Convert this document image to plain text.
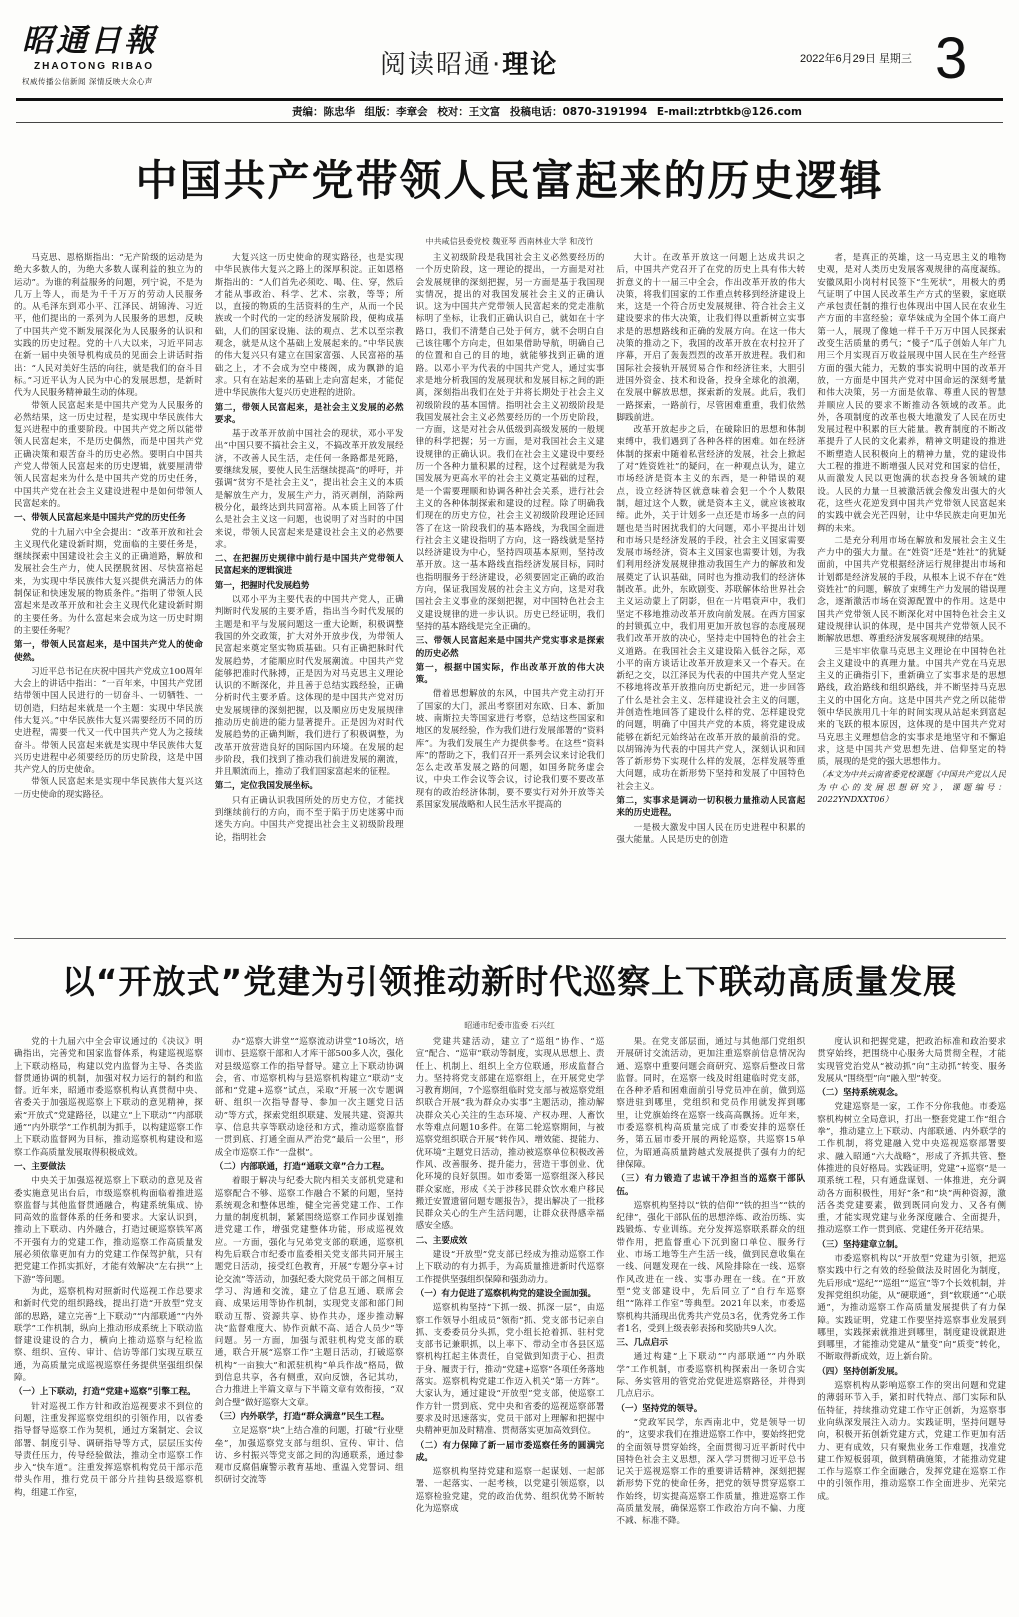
昭通日報
ZHAOTONG RIBAO
权威传播公信新闻 深情反映大众心声
阅读昭通·理论	2022年6月29日 星期三 3
责编：陈忠华 组版：李章会 校对：王文富 投稿电话：0870-3191994 E-mail:ztrbtkb@126.com
中国共产党带领人民富起来的历史逻辑
中共咸信县委党校 魏亚琴 西南林业大学 和茂竹

马克思、恩格斯指出：“无产阶级的运动是为绝大多数人的，为绝大多数人谋利益的独立为的运动”。为谁的利益服务的问题，列宁说，不是为几万上等人，而是为千千万万的劳动人民服务的。从毛泽东到邓小平、江泽民、胡锦涛、习近平，他们提出的一系列为人民服务的思想，反映了中国共产党不断发展深化为人民服务的认识和实践的历史过程。党的十八大以来，习近平同志在新一届中央领导机构成员的见面会上讲话时指出：“人民对美好生活的向往，就是我们的奋斗目标。”习近平认为人民为中心的发展思想，是新时代为人民服务精神最生动的体现。

带领人民富起来是中国共产党为人民服务的必然结果，这一历史过程，是实现中华民族伟大复兴进程中的重要阶段。中国共产党之所以能带领人民富起来，不是历史偶然，而是中国共产党正确决策和艰苦奋斗的历史必然。要明白中国共产党人带领人民富起来的历史逻辑，就要厘清带领人民富起来为什么是中国共产党的历史任务，中国共产党在社会主义建设进程中是如何带领人民富起来的。

一、带领人民富起来是中国共产党的历史任务

党的十九届六中全会提出：“改革开放和社会主义现代化建设新时期，党面临的主要任务是，继续探索中国建设社会主义的正确道路，解放和发展社会生产力，使人民摆脱贫困、尽快富裕起来，为实现中华民族伟大复兴提供充满活力的体制保证和快速发展的物质条件。”指明了带领人民富起来是改革开放和社会主义现代化建设新时期的主要任务。为什么富起来会成为这一历史时期的主要任务呢？

第一，带领人民富起来，是中国共产党人的使命使然。

习近平总书记在庆祝中国共产党成立100周年大会上的讲话中指出：“一百年来，中国共产党团结带领中国人民进行的一切奋斗、一切牺牲、一切创造，归结起来就是一个主题：实现中华民族伟大复兴。”中华民族伟大复兴需要经历不同的历史进程，需要一代又一代中国共产党人为之接续奋斗。带领人民富起来就是实现中华民族伟大复兴历史进程中必须要经历的历史阶段，这是中国共产党人的历史使命。

带领人民富起来是实现中华民族伟大复兴这一历史使命的现实路径。

大复兴这一历史使命的现实路径，也是实现中华民族伟大复兴之路上的深厚积淀。正如恩格斯指出的：“人们首先必须吃、喝、住、穿，然后才能从事政治、科学、艺术、宗教，等等；所以，直接的物质的生活资料的生产，从而一个民族或一个时代的一定的经济发展阶段，便构成基础，人们的国家设施、法的观点、艺术以至宗教观念，就是从这个基础上发展起来的。”中华民族的伟大复兴只有建立在国家富强、人民富裕的基础之上，才不会成为空中楼阁，成为飘渺的追求。只有在站起来的基础上走向富起来，才能促进中华民族伟大复兴历史进程的进阶。

第二，带领人民富起来，是社会主义发展的必然要求。

基于改革开放前中国社会的现状，邓小平发出“中国只要不搞社会主义，不搞改革开放发展经济，不改善人民生活，走任何一条路都是死路，要继续发展，要使人民生活继续提高”的呼吁，并强调“贫穷不是社会主义”，提出社会主义的本质是解放生产力，发展生产力，消灭剥削，消除两极分化，最终达到共同富裕。从本质上回答了什么是社会主义这一问题，也说明了对当时的中国来说，带领人民富起来是建设社会主义的必然要求。

二、在把握历史规律中前行是中国共产党带领人民富起来的逻辑演进

第一，把握时代发展趋势

以邓小平为主要代表的中国共产党人，正确判断时代发展的主要矛盾，指出当今时代发展的主题是和平与发展问题这一重大论断，积极调整我国的外交政策，扩大对外开放步伐，为带领人民富起来奠定坚实物质基础。只有正确把脉时代发展趋势，才能顺应时代发展潮流。中国共产党能够把准时代脉搏，正是因为对马克思主义理论认识的不断深化，并且善于总结实践经验，正确分析时代主要矛盾。这体现的是中国共产党对历史发展规律的深刻把握，以及顺应历史发展规律推动历史前进的能力显著提升。正是因为对时代发展趋势的正确判断，我们进行了积极调整，为改革开放营造良好的国际国内环境。在发展的起步阶段，我们找到了推动我们前进发展的潮流，并且顺流而上，推动了我们国家富起来的征程。

第二，定位我国发展坐标。

只有正确认识我国所处的历史方位，才能找到继续前行的方向，而不至于陷于历史迷雾中而迷失方向。中国共产党提出社会主义初级阶段理论，指明社会

主义初级阶段是我国社会主义必然要经历的一个历史阶段，这一理论的提出，一方面是对社会发展规律的深刻把握，另一方面是基于我国现实情况，提出的对我国发展社会主义的正确认识。这为中国共产党带领人民富起来的党走准航标明了坐标，让我们正确认识自己，就如在十字路口，我们不清楚自己处于何方，就不会明白自己该往哪个方向走，但如果借助导航，明确自己的位置和自己的目的地，就能够找到正确的道路。以邓小平为代表的中国共产党人，通过实事求是地分析我国的发展现状和发展目标之间的距离，深刻指出我们在处于并将长期处于社会主义初级阶段的基本国情。指明社会主义初级阶段是我国发展社会主义必然要经历的一个历史阶段，一方面，这是对社会从低级到高级发展的一般规律的科学把握；另一方面，是对我国社会主义建设规律的正确认识。我们在社会主义建设中要经历一个各种力量积累的过程，这个过程就是为我国发展为更高水平的社会主义奠定基础的过程，是一个需要理顺和协调各种社会关系，进行社会主义的各种体制探索和建设的过程。除了明确我们现在的历史方位，社会主义初级阶段理论还回答了在这一阶段我们的基本路线，为我国全面进行社会主义建设指明了方向，这一路线就是坚持以经济建设为中心，坚持四项基本原则，坚持改革开放。这一基本路线直指经济发展目标，同时也指明服务于经济建设，必须要固定正确的政治方向，保证我国发展的社会主义方向，这是对我国社会主义事业的深刻把握，对中国特色社会主义建设规律的进一步认识。历史已经证明，我们坚持的基本路线是完全正确的。

三、带领人民富起来是中国共产党实事求是探索的历史必然

第一，根据中国实际，作出改革开放的伟大决策。

借着思想解放的东风，中国共产党主动打开了国家的大门，派出考察团对东欧、日本、新加坡、南斯拉夫等国家进行考察，总结这些国家和地区的发展经验，作为我们进行发展部署的“资料库”。为我们发展生产力提供参考。在这些“资料库”的帮助之下，我们召开一系列会议来讨论我们怎么走改革发展之路的问题，如国务院务虚会议，中央工作会议等会议，讨论我们要不要改革现有的政治经济体制，要不要实行对外开放等关系国家发展战略和人民生活水平提高的

大计。在改革开放这一问题上达成共识之后，中国共产党召开了在党的历史上具有伟大转折意义的十一届三中全会，作出改革开放的伟大决策，将我们国家的工作重点转移到经济建设上来，这是一个符合历史发展规律、符合社会主义建设要求的伟大决策，让我们得以重新树立实事求是的思想路线和正确的发展方向。在这一伟大决策的推动之下，我国的改革开放在农村拉开了序幕，开启了轰轰烈烈的改革开放进程。我们和国际社会接轨开展贸易合作和经济往来，大胆引进国外资金、技术和设备，投身全球化的浪潮，在发展中解放思想，探索新的发展。此后，我们一路探索，一路前行，尽管困难重重，我们依然脚践前进。

改革开放起步之后，在破除旧的思想和体制束缚中，我们遇到了各种各样的困难。如在经济体制的探索中随着私营经济的发展，社会上掀起了对“姓资姓社”的疑问，在一种观点认为，建立市场经济是资本主义的东西，是一种错误的观点，设立经济特区就意味着会犯一个个人数限制，超过这个人数，就是资本主义，就应该被取缔。此外，关于计划多一点还是市场多一点的问题也是当时困扰我们的大问题，邓小平提出计划和市场只是经济发展的手段，社会主义国家需要发展市场经济，资本主义国家也需要计划，为我们利用经济发展规律推动我国生产力的解放和发展奠定了认识基础，同时也为推动我们的经济体制改革。此外，东欧剧变、苏联解体给世界社会主义运动蒙上了阴影，但在一片唱衰声中，我们坚定不移地推动改革开放向前发展。在西方国家的封锁孤立中，我们用更加开放包容的态度展现我们改革开放的决心，坚持走中国特色的社会主义道路。在我国社会主义建设陷入低谷之际，邓小平的南方谈话让改革开放迎来又一个春天。在新纪之交，以江泽民为代表的中国共产党人坚定不移地将改革开放推向历史新纪元，进一步回答了什么是社会主义、怎样建设社会主义的问题，并创造性地回答了建设什么样的党、怎样建设党的问题，明确了中国共产党的本质，将党建设成能够在新纪元始终站在改革开放的最前沿的党。以胡锦涛为代表的中国共产党人，深刻认识和回答了新形势下实现什么样的发展，怎样发展等重大问题，成功在新形势下坚持和发展了中国特色社会主义。

第二，实事求是调动一切积极力量推动人民富起来的历史进程。

一是极大激发中国人民在历史进程中积累的强大能量。人民是历史的创造

者，是真正的英雄，这一马克思主义的唯物史观，是对人类历史发展客观规律的高度凝练。安徽凤阳小岗村村民签下“生死状”，用极大的勇气证明了中国人民改革生产方式的坚毅，家庭联产承包责任制的推行也体现出中国人民在农业生产方面的丰富经验；章华妹成为全国个体工商户第一人，展现了像她一样千千万万中国人民探索改变生活质量的勇气；“傻子”瓜子创始人年广九用三个月实现百万收益展现中国人民在生产经营方面的强大能力，无数的事实说明中国的改革开放，一方面是中国共产党对中国命运的深刻考量和伟大决策，另一方面是依靠、尊重人民的智慧并顺应人民的要求不断推动各领域的改革。此外，各项制度的改革也极大地激发了人民在历史发展过程中积累的巨大能量。教育制度的不断改革提升了人民的文化素养，精神文明建设的推进不断塑造人民积极向上的精神力量，党的建设伟大工程的推进不断增强人民对党和国家的信任，从而激发人民以更饱满的状态投身各领域的建设。人民的力量一旦被激活就会像发出强大的火花，这些火花逆发到中国共产党带领人民富起来的实践中就会光芒四射，让中华民族走向更加光辉的未来。

二是充分利用市场在解放和发展社会主义生产力中的强大力量。在“姓资”还是“姓社”的犹疑面前，中国共产党根据经济运行规律提出市场和计划都是经济发展的手段，从根本上说不存在“姓资姓社”的问题，解放了束缚生产力发展的错误理念，逐渐激活市场在资源配置中的作用。这是中国共产党带领人民不断深化对中国特色社会主义建设规律认识的体现，是中国共产党带领人民不断解放思想、尊重经济发展客观规律的结果。

三是牢牢依靠马克思主义理论在中国特色社会主义建设中的真理力量。中国共产党在马克思主义的正确指引下，重新确立了实事求是的思想路线，政治路线和组织路线，并不断坚持马克思主义的中国化方向。这是中国共产党之所以能带领中华民族用几十年的时间实现从站起来到富起来的飞跃的根本原因，这体现的是中国共产党对马克思主义理想信念的实事求是地坚守和不懈追求，这是中国共产党思想先进、信仰坚定的特质，展现的是党的强大思想伟力。

（本文为中共云南省委党校课题《中国共产党以人民为中心的发展思想研究》，课题编号：2022YNDXXT06）

以“开放式”党建为引领推动新时代巡察上下联动高质量发展
昭通市纪委市监委 石兴红

党的十九届六中全会审议通过的《决议》明确指出，完善党和国家监督体系，构建巡视巡察上下联动格局，构建以党内监督为主导、各类监督贯通协调的机制，加强对权力运行的制约和监督。近年来，昭通市委巡察机构认真贯彻中央、省委关于加强巡视巡察上下联动的意见精神，探索“开放式”党建路径，以建立“上下联动”“内部联通”“内外联学”工作机制为抓手，以构建巡察工作上下联动监督网为目标，推动巡察机构建设和巡察工作高质量发展取得积极成效。

一、主要做法

中央关于加强巡视巡察上下联动的意见及省委实施意见出台后，市级巡察机构面临着推进巡察监督与其他监督贯通融合，构建系统集成、协同高效的监督体系的任务和要求。大家认识到，推动上下联动、内外融合，打造过硬巡察铁军离不开强有力的党建工作，推动巡察工作高质量发展必须依靠更加有力的党建工作保驾护航，只有把党建工作抓实抓好，才能有效解决“左右拱”“上下游”等问题。

为此，巡察机构对照新时代巡视工作总要求和新时代党的组织路线，提出打造“开放型”党支部的思路，建立完善“上下联动”“内部联通”“内外联学”工作机制，纵向上推动形成系统上下联动监督建设建设的合力，横向上推动巡察与纪检监察、组织、宣传、审计、信访等部门实现互联互通，为高质量完成巡视巡察任务提供坚强组织保障。

（一）上下联动，打造“党建+巡察”引擎工程。

针对巡视工作方针和政治巡视要求不到位的问题，注重发挥巡察党组织的引领作用，以省委指导督导巡察工作为契机，通过方案制定、会议部署、制度引导、调研指导等方式，层层压实传导责任压力，传导经验做法，推动全市巡察工作步入“快车道”。注重发挥巡察机构党员干部示范带头作用，推行党员干部分片挂钩县级巡察机构，组建工作室，

办“巡察大讲堂”“巡察流动讲堂”10场次，培训市、县巡察干部和人才库干部500多人次，强化对县级巡察工作的指导督导。建立上下联动协调会，省、市巡察机构与县巡察机构建立“联动”支部和“党建+巡察”试点，采取“开展一次专题调研、组织一次指导督导、参加一次主题党日活动”等方式，探索党组织联建、发展共建、资源共享、信息共享等联动途径和方式，推动巡察监督一贯到底、打通全面从严治党“最后一公里”，形成全市巡察工作“一盘棋”。

（二）内部联通，打造“通联文章”合力工程。

着眼于解决与纪委大院内相关支部机党建和巡察配合不够、巡察工作融合不紧的问题，坚持系统观念和整体思维，健全完善党建工作、工作力量的制度机制，紧紧围绕巡察工作同步谋划推进党建工作，增强党建整体功能，形成巡视效应。一方面，强化与兄弟党支部的联通，巡察机构先后联合市纪委市监委相关党支部共同开展主题党日活动，接受红色教育，开展“专题分享+讨论交流”等活动，加强纪委大院党员干部之间相互学习、沟通和交流，建立了信息互通、联席会商、成果运用等协作机制，实现党支部和部门间联动互帮、资源共享、协作共办，逐步推动解决“监督难度大、协作贡献不高、适合人员少”等问题。另一方面，加强与派驻机构党支部的联通，联合开展“巡察工作”主题日活动，打破巡察机构“一亩独大”和派驻机构“单兵作战”格局，做到信息共享，各有侧重，双向反馈，各记其功，合力推进上半篇文章与下半篇文章有效衔接，“双剑合璧”做好巡察大文章。

（三）内外联学，打造“群众满意”民生工程。

立足巡察“块”上结合准的问题，打破“行业壁垒”，加强巡察党支部与组织、宣传、审计、信访、乡村振兴等党支部之间的沟通联系，通过参观市反腐倡廉警示教育基地、重温入党誓词、组织研讨交流等

党建共建活动，建立了“巡组”协作、“巡宣”配合、“巡审”联动等制度，实现从思想上、责任上、机制上、组织上全方位联通，形成监督合力。坚持将党支部建在巡察组上，在开展党史学习教育期间，7个巡察组临时党支部与被巡察党组织联合开展“我为群众办实事”主题活动，推动解决群众关心关注的生态环境、产权办理、人畜饮水等难点问题10多件。在第二轮巡察期间，与被巡察党组织联合开展“转作风、增效能、提能力、优环境”主题党日活动，推动被巡察单位积极改善作风、改善服务、提升能力，营造干事创业、优化环境的良好氛围。如市委第一巡察组深入移民群众家庭，形成《关于涉移民群众饮水难户移民搬迁安置遗留问题专题报告》，提出解决了一批移民群众关心的生产生活问题，让群众获得感幸福感安全感。

二、主要成效

建设“开放型”党支部已经成为推动巡察工作上下联动的有力抓手，为高质量推进新时代巡察工作提供坚强组织保障和强劲动力。

（一）有力促进了巡察机构党的建设全面加强。

巡察机构坚持“下抓一级、抓深一层”，由巡察工作领导小组成员“领衔”抓、党支部书记亲自抓、支委委员分头抓，党小组长抢着抓、驻村党支部书记兼职抓，以上率下、带动全市各县区巡察机构扛起主体责任，自觉做到知责于心、担责于身、履责于行，推动“党建+巡察”各项任务落地落实。巡察机构党建工作迈入机关“第一方阵”。大家认为，通过建设“开放型”党支部，使巡察工作方针一贯到底、党中央和省委的巡视巡察部署要求及时迅速落实，党员干部对上理解和把握中央精神更加及时精准、贯彻落实更加高效到位。

（二）有力保障了新一届市委巡察任务的圆满完成。

巡察机构坚持党建和巡察一起谋划、一起部署、一起落实、一起考核，以党建引领巡察，以巡察检验党建，党的政治优势、组织优势不断转化为巡察成

果。在党支部层面，通过与其他部门党组织开展研讨交流活动，更加注重巡察前信息情况沟通、巡察中重要问题会商研究、巡察后整改日常监督。同时，在巡察一线及时组建临时党支部，在各种矛盾和困难面前引导党员冲在前，做到巡察进驻到哪里，党组织和党员作用就发挥到哪里，让党旗始终在巡察一线高高飘扬。近年来，市委巡察机构高质量完成了市委安排的巡察任务，第五届市委开展的两轮巡察，共巡察15单位，为昭通高质量跨越式发展提供了强有力的纪律保障。

（三）有力锻造了忠诚干净担当的巡察干部队伍。

巡察机构坚持以“铁的信仰”“铁的担当”“铁的纪律”，强化干部队伍的思想淬炼、政治历练、实践锻炼、专业训练。充分发挥巡察联系群众的纽带作用，把监督重心下沉到窗口单位、服务行业、市场工地等生产生活一线，做到民意收集在一线、问题发现在一线、风险排除在一线、巡察作风改进在一线、实事办理在一线。在“开放型”党支部建设中，先后同立了“自行车巡察组”“陈祥工作室”等典型。2021年以来，市委巡察机构共涌现出优秀共产党员3名，优秀党务工作者1名，受到上级表彰表扬和奖励共9人次。

三、几点启示

通过构建“上下联动”“内部联通”“内外联学”工作机制，市委巡察机构探索出一条切合实际、务实管用的管党治党促进巡察路径，并得到几点启示。

（一）坚持党的领导。

“党政军民学，东西南北中，党是领导一切的”，这要求我们在推进巡察工作中，要始终把党的全面领导贯穿始终，全面贯彻习近平新时代中国特色社会主义思想，深入学习贯彻习近平总书记关于巡视巡察工作的重要讲话精神，深刻把握新形势下党的使命任务，把党的领导贯穿巡察工作始终，切实提高巡察工作质量，推进巡察工作高质量发展，确保巡察工作政治方向不偏、力度不减、标准不降。

度认识和把握党建，把政治标准和政治要求贯穿始终，把围绕中心服务大局贯彻全程，才能实现管党治党从“被动抓”向“主动抓”转变、服务发展从“围绕型”向“融入型”转变。

（二）坚持系统观念。

党建巡察是一家，工作不分你我他。市委巡察机构树立全局意识，打出一整套党建工作“组合拳”，推动建立上下联动、内部联通、内外联学的工作机制，将党建融入党中央巡视巡察部署要求、融入昭通“六大战略”，形成了齐抓共管、整体推进的良好格局。实践证明，党建“+巡察”是一项系统工程，只有通盘谋划、一体推进，充分调动各方面积极性，用好“条”和“块”两种资源，激活各类党建要素，做到既同向发力、又各有侧重，才能实现党建与业务深度融合、全面提升，推动巡察工作一贯到底、党建任务开花结果。

（三）坚持建章立制。

市委巡察机构以“开放型”党建为引领，把巡察实践中行之有效的经验做法及时固化为制度，先后形成“巡纪”“巡组”“巡宣”等7个长效机制，并发挥党组织功能，从“硬联通”，到“软联通”“心联通”，为推动巡察工作高质量发展提供了有力保障。实践证明，党建工作要坚持巡察事业发展到哪里，实践探索就推进到哪里，制度建设就跟进到哪里，才能推动党建从“量变”向“质变”转化，不断取得新成效，迈上新台阶。

（四）坚持创新发展。

巡察机构从影响巡察工作的突出问题和党建的薄弱环节入手，紧扣时代特点、部门实际和队伍特征，持续推动党建工作守正创新，为巡察事业向纵深发展注入动力。实践证明，坚持问题导向，积极开拓创新党建方式，党建工作更加有活力、更有成效，只有聚焦业务工作难题，找准党建工作短板弱项，做到精确施策，才能推动党建工作与巡察工作全面融合，发挥党建在巡察工作中的引领作用，推动巡察工作全面进步、光荣完成。
